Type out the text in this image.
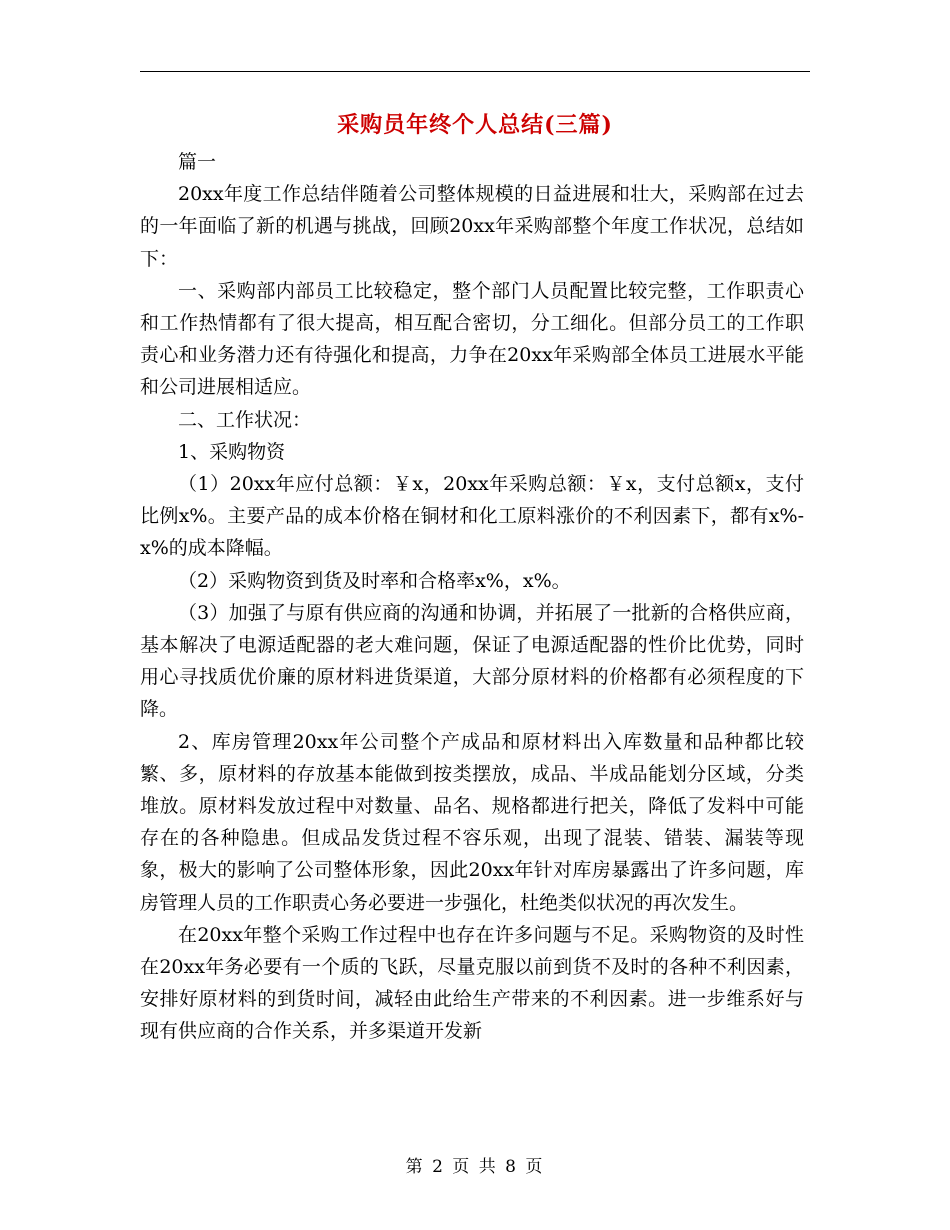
采购员年终个人总结(三篇)

篇一

20xx年度工作总结伴随着公司整体规模的日益进展和壮大，采购部在过去的一年面临了新的机遇与挑战，回顾20xx年采购部整个年度工作状况，总结如下：

一、采购部内部员工比较稳定，整个部门人员配置比较完整，工作职责心和工作热情都有了很大提高，相互配合密切，分工细化。但部分员工的工作职责心和业务潜力还有待强化和提高，力争在20xx年采购部全体员工进展水平能和公司进展相适应。

二、工作状况：

1、采购物资

（1）20xx年应付总额：￥x，20xx年采购总额：￥x，支付总额x，支付比例x%。主要产品的成本价格在铜材和化工原料涨价的不利因素下，都有x%-x%的成本降幅。

（2）采购物资到货及时率和合格率x%，x%。

（3）加强了与原有供应商的沟通和协调，并拓展了一批新的合格供应商，基本解决了电源适配器的老大难问题，保证了电源适配器的性价比优势，同时用心寻找质优价廉的原材料进货渠道，大部分原材料的价格都有必须程度的下降。

2、库房管理20xx年公司整个产成品和原材料出入库数量和品种都比较繁、多，原材料的存放基本能做到按类摆放，成品、半成品能划分区域，分类堆放。原材料发放过程中对数量、品名、规格都进行把关，降低了发料中可能存在的各种隐患。但成品发货过程不容乐观，出现了混装、错装、漏装等现象，极大的影响了公司整体形象，因此20xx年针对库房暴露出了许多问题，库房管理人员的工作职责心务必要进一步强化，杜绝类似状况的再次发生。

在20xx年整个采购工作过程中也存在许多问题与不足。采购物资的及时性在20xx年务必要有一个质的飞跃，尽量克服以前到货不及时的各种不利因素，安排好原材料的到货时间，减轻由此给生产带来的不利因素。进一步维系好与现有供应商的合作关系，并多渠道开发新

第 2 页 共 8 页
